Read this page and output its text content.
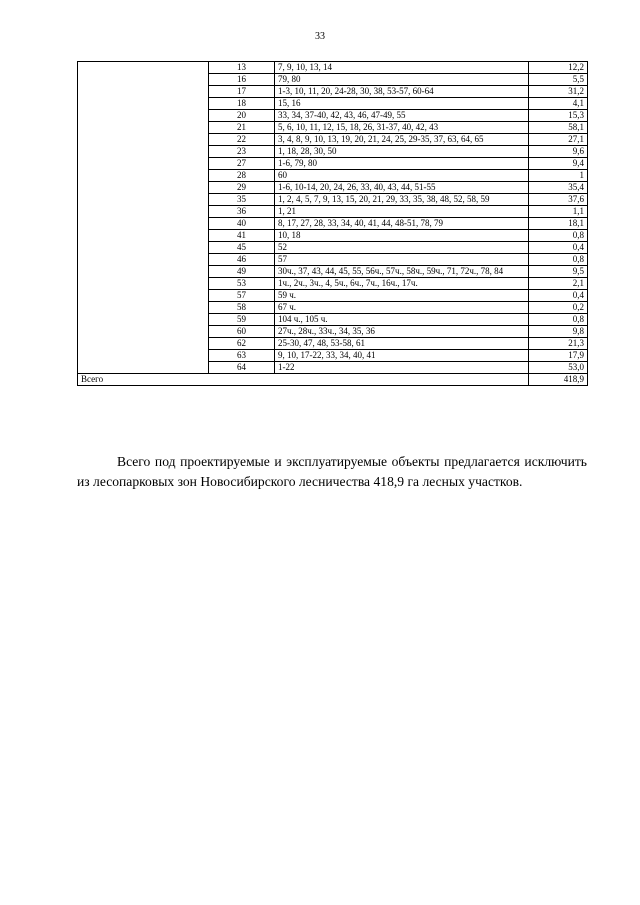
33
	13	7, 9, 10, 13, 14	12,2
	16	79, 80	5,5
	17	1-3, 10, 11, 20, 24-28, 30, 38, 53-57, 60-64	31,2
	18	15, 16	4,1
	20	33, 34, 37-40, 42, 43, 46, 47-49, 55	15,3
	21	5, 6, 10, 11, 12, 15, 18, 26, 31-37, 40, 42, 43	58,1
	22	3, 4, 8, 9, 10, 13, 19, 20, 21, 24, 25, 29-35, 37, 63, 64, 65	27,1
	23	1, 18, 28, 30, 50	9,6
	27	1-6, 79, 80	9,4
	28	60	1
	29	1-6, 10-14, 20, 24, 26, 33, 40, 43, 44, 51-55	35,4
	35	1, 2, 4, 5, 7, 9, 13, 15, 20, 21, 29, 33, 35, 38, 48, 52, 58, 59	37,6
	36	1, 21	1,1
	40	8, 17, 27, 28, 33, 34, 40, 41, 44, 48-51, 78, 79	18,1
	41	10, 18	0,8
	45	52	0,4
	46	57	0,8
	49	30ч., 37, 43, 44, 45, 55, 56ч., 57ч., 58ч., 59ч., 71, 72ч., 78, 84	9,5
	53	1ч., 2ч., 3ч., 4, 5ч., 6ч., 7ч., 16ч., 17ч.	2,1
	57	59 ч.	0,4
	58	67 ч.	0,2
	59	104 ч., 105 ч.	0,8
	60	27ч., 28ч., 33ч., 34, 35, 36	9,8
	62	25-30, 47, 48, 53-58, 61	21,3
	63	9, 10, 17-22, 33, 34, 40, 41	17,9
	64	1-22	53,0
Всего			418,9

Всего под проектируемые и эксплуатируемые объекты предлагается исключить из лесопарковых зон Новосибирского лесничества 418,9 га лесных участков.
